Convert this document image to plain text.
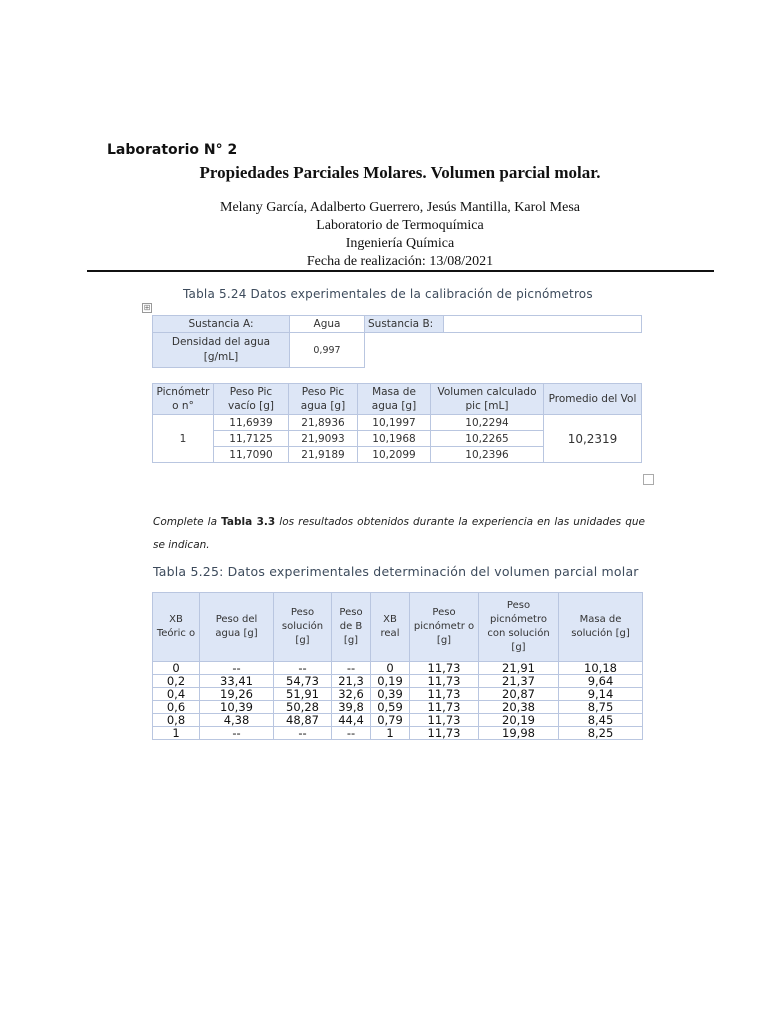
Laboratorio N° 2
Propiedades Parciales Molares. Volumen parcial molar.
Melany García, Adalberto Guerrero, Jesús Mantilla, Karol Mesa
Laboratorio de Termoquímica
Ingeniería Química
Fecha de realización: 13/08/2021
Tabla 5.24 Datos experimentales de la calibración de picnómetros
⊞
Sustancia A:	Agua	Sustancia B:	
Densidad del agua [g/mL]	0,997		
Picnómetr o n°	Peso Pic vacío [g]	Peso Pic agua [g]	Masa de agua [g]	Volumen calculado pic [mL]	Promedio del Vol
1	11,6939	21,8936	10,1997	10,2294	10,2319
	11,7125	21,9093	10,1968	10,2265	
	11,7090	21,9189	10,2099	10,2396	
Complete la Tabla 3.3 los resultados obtenidos durante la experiencia en las unidades que se indican.
Tabla 5.25: Datos experimentales determinación del volumen parcial molar
XB Teóric o	Peso del agua [g]	Peso solución [g]	Peso de B [g]	XB real	Peso picnómetr o [g]	Peso picnómetro con solución [g]	Masa de solución [g]
0	--	--	--	0	11,73	21,91	10,18
0,2	33,41	54,73	21,3	0,19	11,73	21,37	9,64
0,4	19,26	51,91	32,6	0,39	11,73	20,87	9,14
0,6	10,39	50,28	39,8	0,59	11,73	20,38	8,75
0,8	4,38	48,87	44,4	0,79	11,73	20,19	8,45
1	--	--	--	1	11,73	19,98	8,25
